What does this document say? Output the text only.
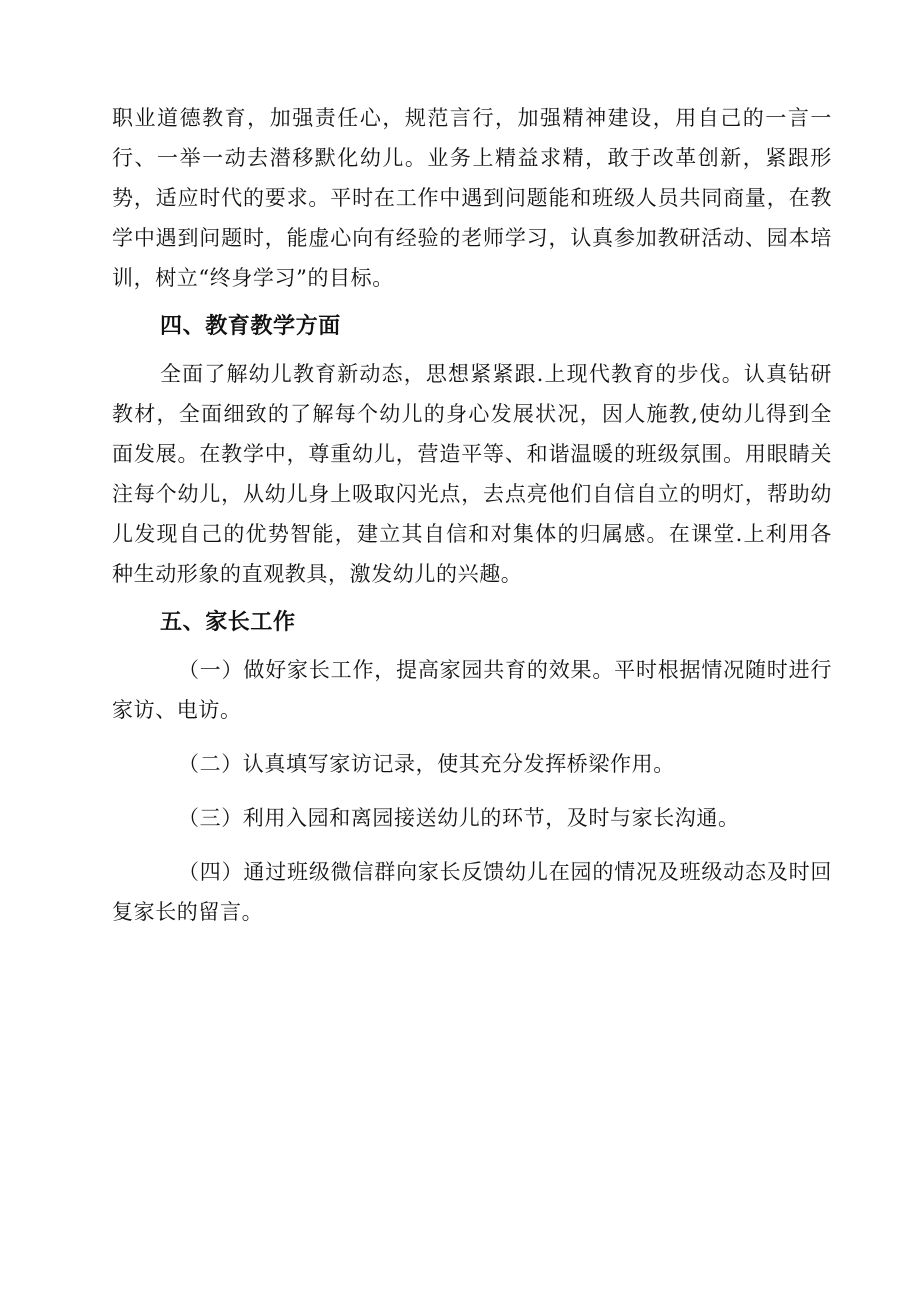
职业道德教育，加强责任心，规范言行，加强精神建设，用自己的一言一行、一举一动去潜移默化幼儿。业务上精益求精，敢于改革创新，紧跟形势，适应时代的要求。平时在工作中遇到问题能和班级人员共同商量，在教学中遇到问题时，能虚心向有经验的老师学习，认真参加教研活动、园本培训，树立“终身学习”的目标。

四、教育教学方面

全面了解幼儿教育新动态，思想紧紧跟.上现代教育的步伐。认真钻研教材，全面细致的了解每个幼儿的身心发展状况，因人施教,使幼儿得到全面发展。在教学中，尊重幼儿，营造平等、和谐温暖的班级氛围。用眼睛关注每个幼儿，从幼儿身上吸取闪光点，去点亮他们自信自立的明灯，帮助幼儿发现自己的优势智能，建立其自信和对集体的归属感。在课堂.上利用各种生动形象的直观教具，激发幼儿的兴趣。

五、家长工作

（一）做好家长工作，提高家园共育的效果。平时根据情况随时进行家访、电访。

（二）认真填写家访记录，使其充分发挥桥梁作用。

（三）利用入园和离园接送幼儿的环节，及时与家长沟通。

（四）通过班级微信群向家长反馈幼儿在园的情况及班级动态及时回复家长的留言。
